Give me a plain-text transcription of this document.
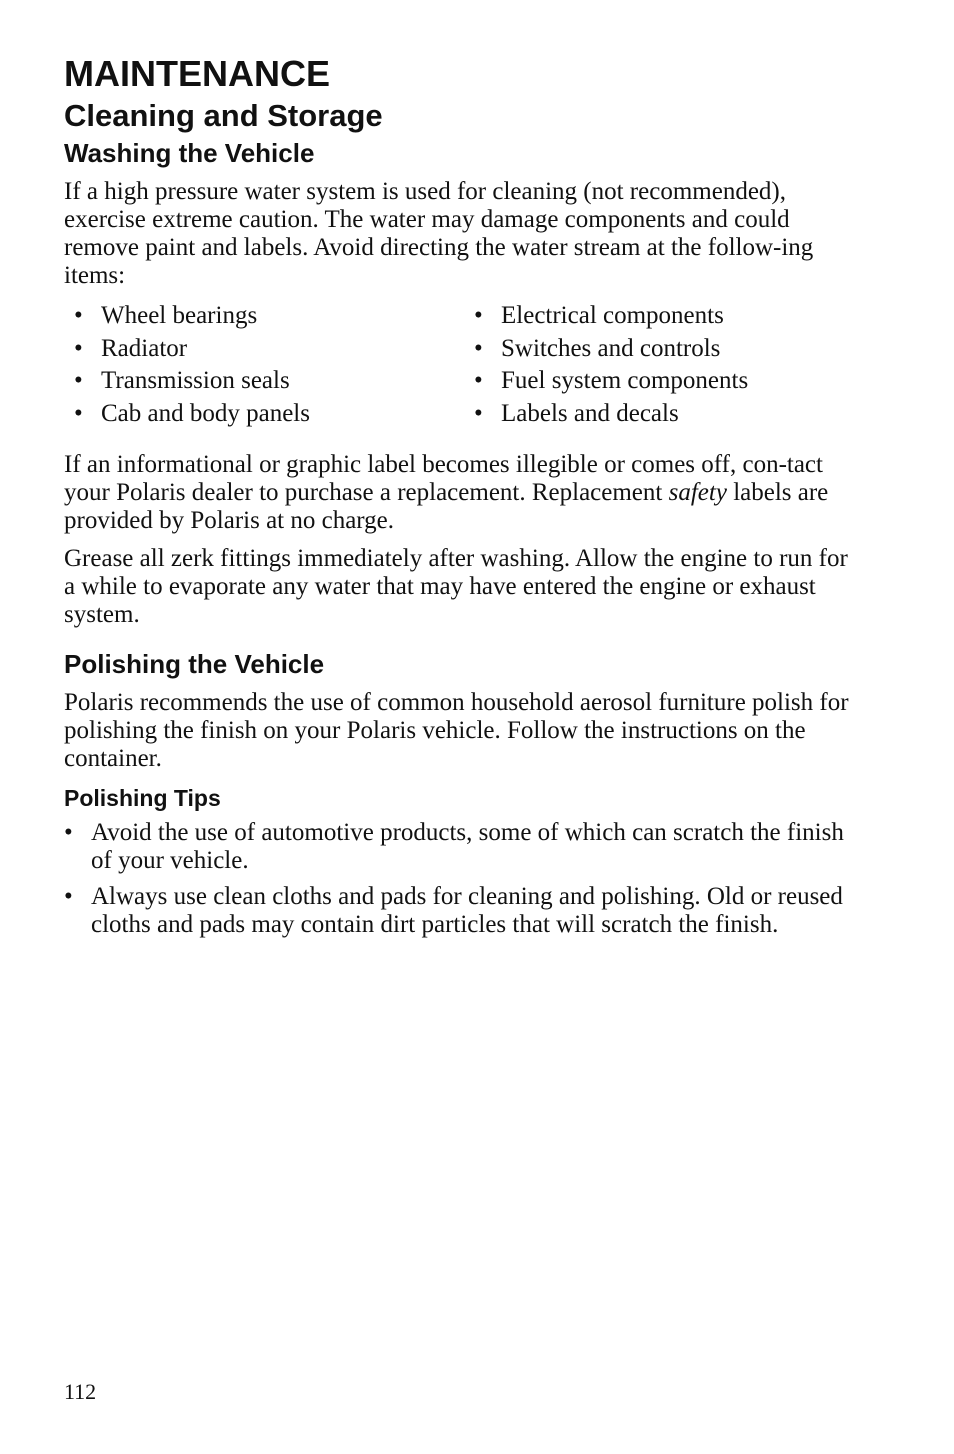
MAINTENANCE
Cleaning and Storage
Washing the Vehicle

If a high pressure water system is used for cleaning (not recommended), exercise extreme caution. The water may damage components and could remove paint and labels. Avoid directing the water stream at the follow-ing items:

• Wheel bearings
• Radiator
• Transmission seals
• Cab and body panels
• Electrical components
• Switches and controls
• Fuel system components
• Labels and decals

If an informational or graphic label becomes illegible or comes off, con-tact your Polaris dealer to purchase a replacement. Replacement safety labels are provided by Polaris at no charge.

Grease all zerk fittings immediately after washing. Allow the engine to run for a while to evaporate any water that may have entered the engine or exhaust system.

Polishing the Vehicle

Polaris recommends the use of common household aerosol furniture polish for polishing the finish on your Polaris vehicle. Follow the instructions on the container.

Polishing Tips
• Avoid the use of automotive products, some of which can scratch the finish of your vehicle.
• Always use clean cloths and pads for cleaning and polishing. Old or reused cloths and pads may contain dirt particles that will scratch the finish.
112
